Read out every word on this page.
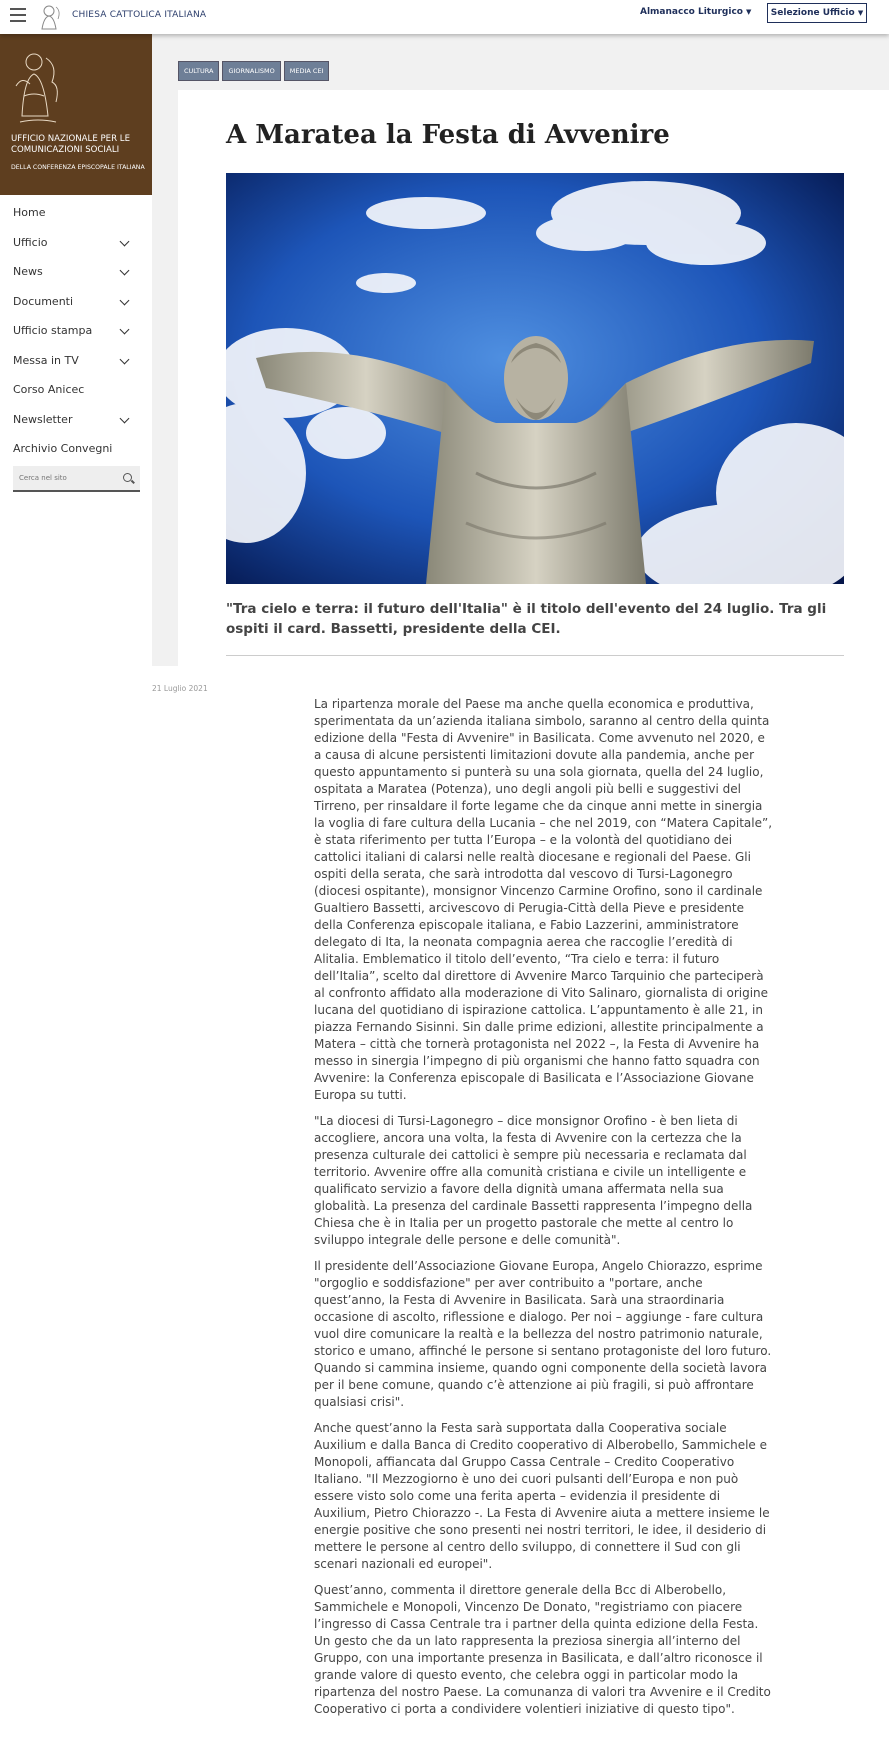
CHIESA CATTOLICA ITALIANA	Almanacco Liturgico ▼	Selezione Ufficio ▼
UFFICIO NAZIONALE PER LE COMUNICAZIONI SOCIALI
DELLA CONFERENZA EPISCOPALE ITALIANA
Home
Ufficio
News
Documenti
Ufficio stampa
Messa in TV
Corso Anicec
Newsletter
Archivio Convegni
Cerca nel sito
CULTURA GIORNALISMO MEDIA CEI
A Maratea la Festa di Avvenire
"Tra cielo e terra: il futuro dell'Italia" è il titolo dell'evento del 24 luglio. Tra gli ospiti il card. Bassetti, presidente della CEI.
21 Luglio 2021

La ripartenza morale del Paese ma anche quella economica e produttiva, sperimentata da un’azienda italiana simbolo, saranno al centro della quinta edizione della "Festa di Avvenire" in Basilicata. Come avvenuto nel 2020, e a causa di alcune persistenti limitazioni dovute alla pandemia, anche per questo appuntamento si punterà su una sola giornata, quella del 24 luglio, ospitata a Maratea (Potenza), uno degli angoli più belli e suggestivi del Tirreno, per rinsaldare il forte legame che da cinque anni mette in sinergia la voglia di fare cultura della Lucania – che nel 2019, con “Matera Capitale”, è stata riferimento per tutta l’Europa – e la volontà del quotidiano dei cattolici italiani di calarsi nelle realtà diocesane e regionali del Paese. Gli ospiti della serata, che sarà introdotta dal vescovo di Tursi-Lagonegro (diocesi ospitante), monsignor Vincenzo Carmine Orofino, sono il cardinale Gualtiero Bassetti, arcivescovo di Perugia-Città della Pieve e presidente della Conferenza episcopale italiana, e Fabio Lazzerini, amministratore delegato di Ita, la neonata compagnia aerea che raccoglie l’eredità di Alitalia. Emblematico il titolo dell’evento, “Tra cielo e terra: il futuro dell’Italia”, scelto dal direttore di Avvenire Marco Tarquinio che parteciperà al confronto affidato alla moderazione di Vito Salinaro, giornalista di origine lucana del quotidiano di ispirazione cattolica. L’appuntamento è alle 21, in piazza Fernando Sisinni. Sin dalle prime edizioni, allestite principalmente a Matera – città che tornerà protagonista nel 2022 –, la Festa di Avvenire ha messo in sinergia l’impegno di più organismi che hanno fatto squadra con Avvenire: la Conferenza episcopale di Basilicata e l’Associazione Giovane Europa su tutti.

"La diocesi di Tursi-Lagonegro – dice monsignor Orofino - è ben lieta di accogliere, ancora una volta, la festa di Avvenire con la certezza che la presenza culturale dei cattolici è sempre più necessaria e reclamata dal territorio. Avvenire offre alla comunità cristiana e civile un intelligente e qualificato servizio a favore della dignità umana affermata nella sua globalità. La presenza del cardinale Bassetti rappresenta l’impegno della Chiesa che è in Italia per un progetto pastorale che mette al centro lo sviluppo integrale delle persone e delle comunità".

Il presidente dell’Associazione Giovane Europa, Angelo Chiorazzo, esprime "orgoglio e soddisfazione" per aver contribuito a "portare, anche quest’anno, la Festa di Avvenire in Basilicata. Sarà una straordinaria occasione di ascolto, riflessione e dialogo. Per noi – aggiunge - fare cultura vuol dire comunicare la realtà e la bellezza del nostro patrimonio naturale, storico e umano, affinché le persone si sentano protagoniste del loro futuro. Quando si cammina insieme, quando ogni componente della società lavora per il bene comune, quando c’è attenzione ai più fragili, si può affrontare qualsiasi crisi".

Anche quest’anno la Festa sarà supportata dalla Cooperativa sociale Auxilium e dalla Banca di Credito cooperativo di Alberobello, Sammichele e Monopoli, affiancata dal Gruppo Cassa Centrale – Credito Cooperativo Italiano. "Il Mezzogiorno è uno dei cuori pulsanti dell’Europa e non può essere visto solo come una ferita aperta – evidenzia il presidente di Auxilium, Pietro Chiorazzo -. La Festa di Avvenire aiuta a mettere insieme le energie positive che sono presenti nei nostri territori, le idee, il desiderio di mettere le persone al centro dello sviluppo, di connettere il Sud con gli scenari nazionali ed europei".

Quest’anno, commenta il direttore generale della Bcc di Alberobello, Sammichele e Monopoli, Vincenzo De Donato, "registriamo con piacere l’ingresso di Cassa Centrale tra i partner della quinta edizione della Festa. Un gesto che da un lato rappresenta la preziosa sinergia all’interno del Gruppo, con una importante presenza in Basilicata, e dall’altro riconosce il grande valore di questo evento, che celebra oggi in particolar modo la ripartenza del nostro Paese. La comunanza di valori tra Avvenire e il Credito Cooperativo ci porta a condividere volentieri iniziative di questo tipo".
